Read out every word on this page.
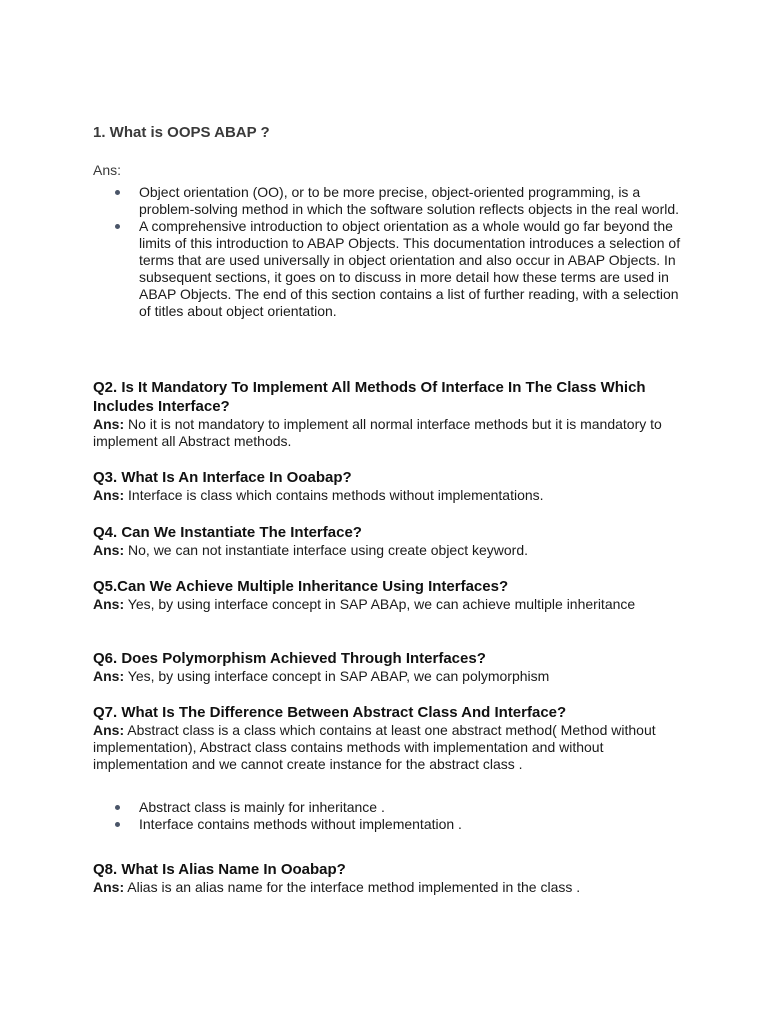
1. What is OOPS ABAP ?
Ans:
Object orientation (OO), or to be more precise, object-oriented programming, is a problem-solving method in which the software solution reflects objects in the real world.
A comprehensive introduction to object orientation as a whole would go far beyond the limits of this introduction to ABAP Objects. This documentation introduces a selection of terms that are used universally in object orientation and also occur in ABAP Objects. In subsequent sections, it goes on to discuss in more detail how these terms are used in ABAP Objects. The end of this section contains a list of further reading, with a selection of titles about object orientation.

Q2. Is It Mandatory To Implement All Methods Of Interface In The Class Which Includes Interface?

Ans: No it is not mandatory to implement all normal interface methods but it is mandatory to implement all Abstract methods.

Q3. What Is An Interface In Ooabap?

Ans: Interface is class which contains methods without implementations.

Q4. Can We Instantiate The Interface?

Ans: No, we can not instantiate interface using create object keyword.

Q5.Can We Achieve Multiple Inheritance Using Interfaces?

Ans: Yes, by using interface concept in SAP ABAp, we can achieve multiple inheritance

Q6. Does Polymorphism Achieved Through Interfaces?

Ans: Yes, by using interface concept in SAP ABAP, we can polymorphism

Q7. What Is The Difference Between Abstract Class And Interface?

Ans: Abstract class is a class which contains at least one abstract method( Method without implementation), Abstract class contains methods with implementation and without implementation and we cannot create instance for the abstract class .

Abstract class is mainly for inheritance .
Interface contains methods without implementation .

Q8. What Is Alias Name In Ooabap?

Ans: Alias is an alias name for the interface method implemented in the class .
